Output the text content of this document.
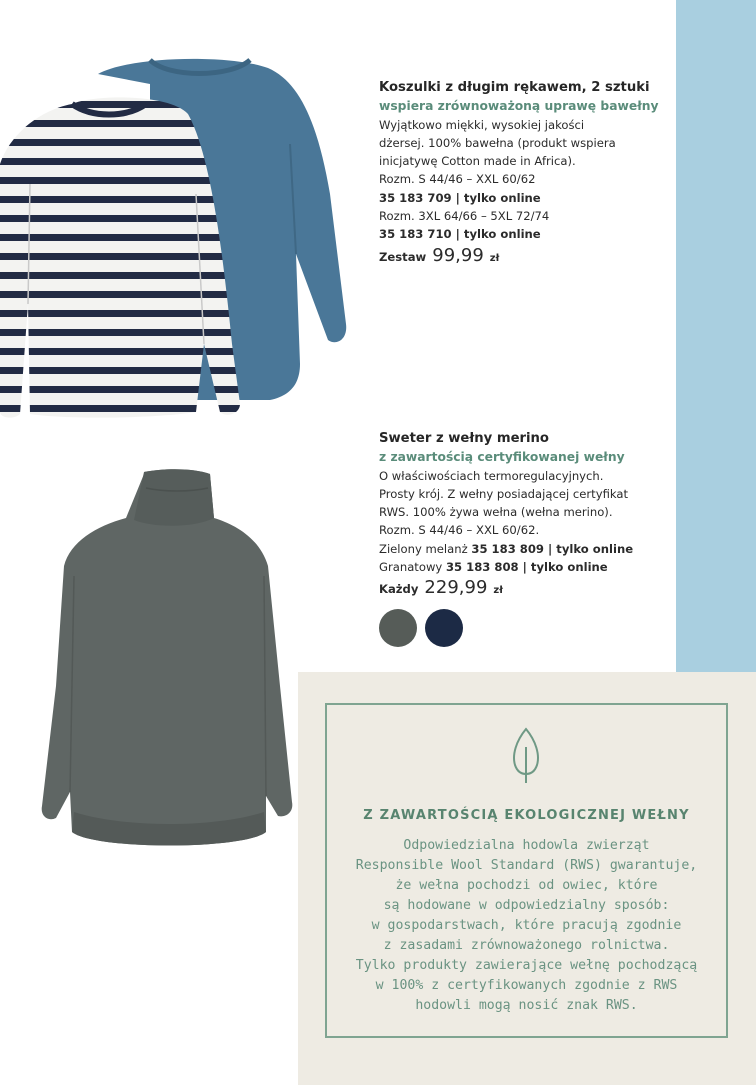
Koszulki z długim rękawem, 2 sztuki
wspiera zrównoważoną uprawę bawełny
Wyjątkowo miękki, wysokiej jakości
dżersej. 100% bawełna (produkt wspiera
inicjatywę Cotton made in Africa).
Rozm. S 44/46 – XXL 60/62
35 183 709 | tylko online
Rozm. 3XL 64/66 – 5XL 72/74
35 183 710 | tylko online
Zestaw 99,99 zł
Sweter z wełny merino
z zawartością certyfikowanej wełny
O właściwościach termoregulacyjnych.
Prosty krój. Z wełny posiadającej certyfikat
RWS. 100% żywa wełna (wełna merino).
Rozm. S 44/46 – XXL 60/62.
Zielony melanż 35 183 809 | tylko online
Granatowy 35 183 808 | tylko online
Każdy 229,99 zł
Z ZAWARTOŚCIĄ EKOLOGICZNEJ WEŁNY
Odpowiedzialna hodowla zwierząt
Responsible Wool Standard (RWS) gwarantuje,
że wełna pochodzi od owiec, które
są hodowane w odpowiedzialny sposób:
w gospodarstwach, które pracują zgodnie
z zasadami zrównoważonego rolnictwa.
Tylko produkty zawierające wełnę pochodzącą
w 100% z certyfikowanych zgodnie z RWS
hodowli mogą nosić znak RWS.
